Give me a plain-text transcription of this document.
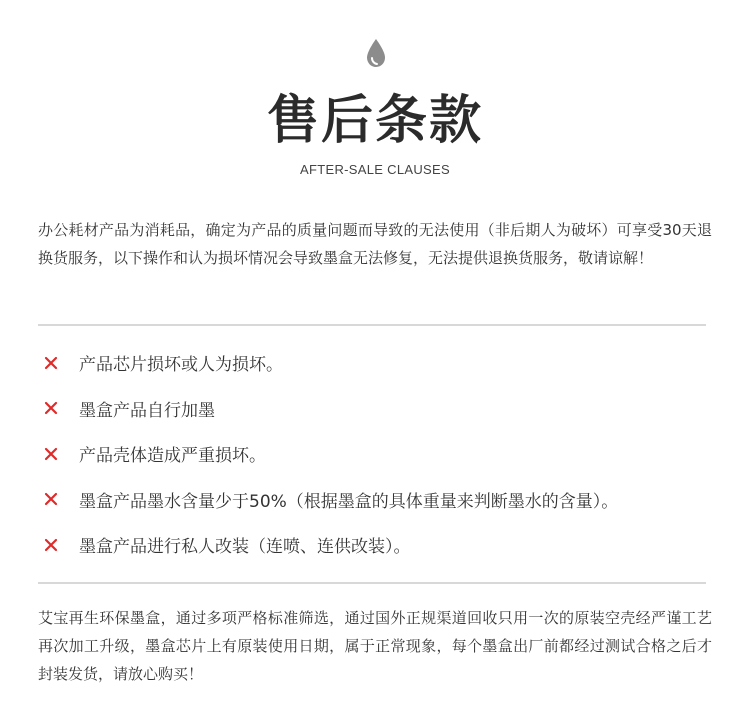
售后条款
AFTER-SALE CLAUSES
办公耗材产品为消耗品，确定为产品的质量问题而导致的无法使用（非后期人为破坏）可享受30天退换货服务，以下操作和认为损坏情况会导致墨盒无法修复，无法提供退换货服务，敬请谅解！
产品芯片损坏或人为损坏。
墨盒产品自行加墨
产品壳体造成严重损坏。
墨盒产品墨水含量少于50%（根据墨盒的具体重量来判断墨水的含量）。
墨盒产品进行私人改装（连喷、连供改装）。
艾宝再生环保墨盒，通过多项严格标准筛选，通过国外正规渠道回收只用一次的原装空壳经严谨工艺再次加工升级，墨盒芯片上有原装使用日期，属于正常现象，每个墨盒出厂前都经过测试合格之后才封装发货，请放心购买！
